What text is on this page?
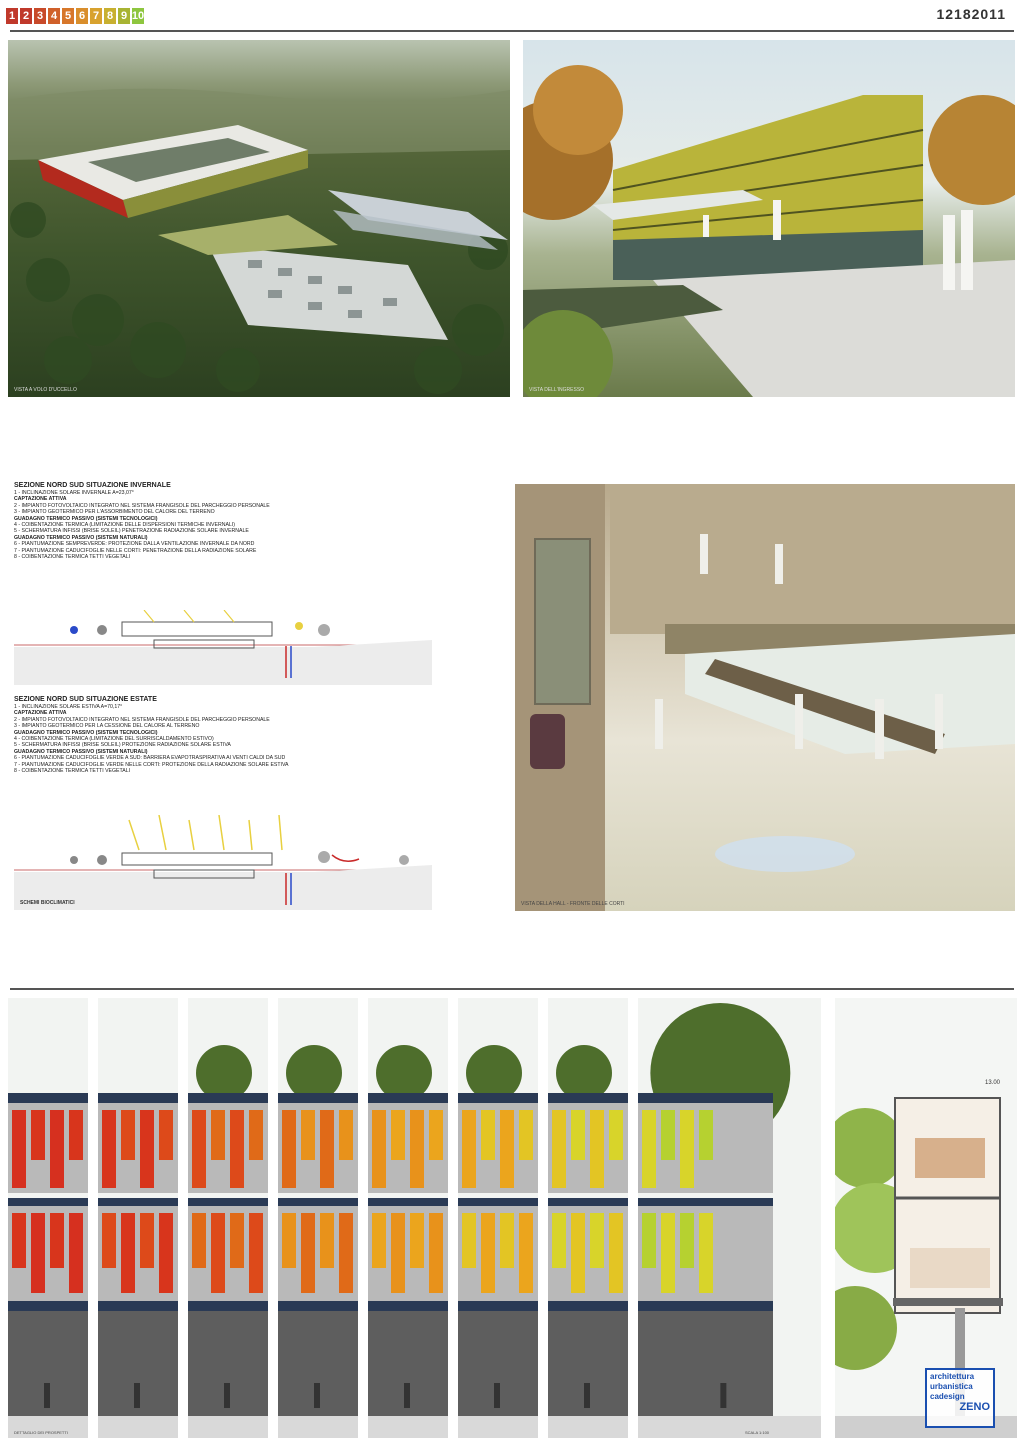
1 2 3 4 5 6 7 8 9 10	12182011
VISTA A VOLO D'UCCELLO	VISTA DELL'INGRESSO
SEZIONE NORD SUD SITUAZIONE INVERNALE
1 - INCLINAZIONE SOLARE INVERNALE A=23,07°
CAPTAZIONE ATTIVA
2 - IMPIANTO FOTOVOLTAICO INTEGRATO NEL SISTEMA FRANGISOLE DEL PARCHEGGIO PERSONALE
3 - IMPIANTO GEOTERMICO PER L'ASSORBIMENTO DEL CALORE DEL TERRENO
GUADAGNO TERMICO PASSIVO (SISTEMI TECNOLOGICI)
4 - COIBENTAZIONE TERMICA (LIMITAZIONE DELLE DISPERSIONI TERMICHE INVERNALI)
5 - SCHERMATURA INFISSI (BRISE SOLEIL) PENETRAZIONE RADIAZIONE SOLARE INVERNALE
GUADAGNO TERMICO PASSIVO (SISTEMI NATURALI)
6 - PIANTUMAZIONE SEMPREVERDE: PROTEZIONE DALLA VENTILAZIONE INVERNALE DA NORD
7 - PIANTUMAZIONE CADUCIFOGLIE NELLE CORTI: PENETRAZIONE DELLA RADIAZIONE SOLARE
8 - COIBENTAZIONE TERMICA TETTI VEGETALI
SEZIONE NORD SUD SITUAZIONE ESTATE
1 - INCLINAZIONE SOLARE ESTIVA A=70,17°
CAPTAZIONE ATTIVA
2 - IMPIANTO FOTOVOLTAICO INTEGRATO NEL SISTEMA FRANGISOLE DEL PARCHEGGIO PERSONALE
3 - IMPIANTO GEOTERMICO PER LA CESSIONE DEL CALORE AL TERRENO
GUADAGNO TERMICO PASSIVO (SISTEMI TECNOLOGICI)
4 - COIBENTAZIONE TERMICA (LIMITAZIONE DEL SURRISCALDAMENTO ESTIVO)
5 - SCHERMATURA INFISSI (BRISE SOLEIL) PROTEZIONE RADIAZIONE SOLARE ESTIVA
GUADAGNO TERMICO PASSIVO (SISTEMI NATURALI)
6 - PIANTUMAZIONE CADUCIFOGLIE VERDE A SUD: BARRIERA EVAPOTRASPIRATIVA AI VENTI CALDI DA SUD
7 - PIANTUMAZIONE CADUCIFOGLIE VERDE NELLE CORTI: PROTEZIONE DELLA RADIAZIONE SOLARE ESTIVA
8 - COIBENTAZIONE TERMICA TETTI VEGETALI
SCHEMI BIOCLIMATICI	VISTA DELLA HALL - FRONTE DELLE CORTI
13.00
architettura
urbanistica
cadesign
ZENO
DETTAGLIO DEI PROSPETTI	SCALA 1:100
